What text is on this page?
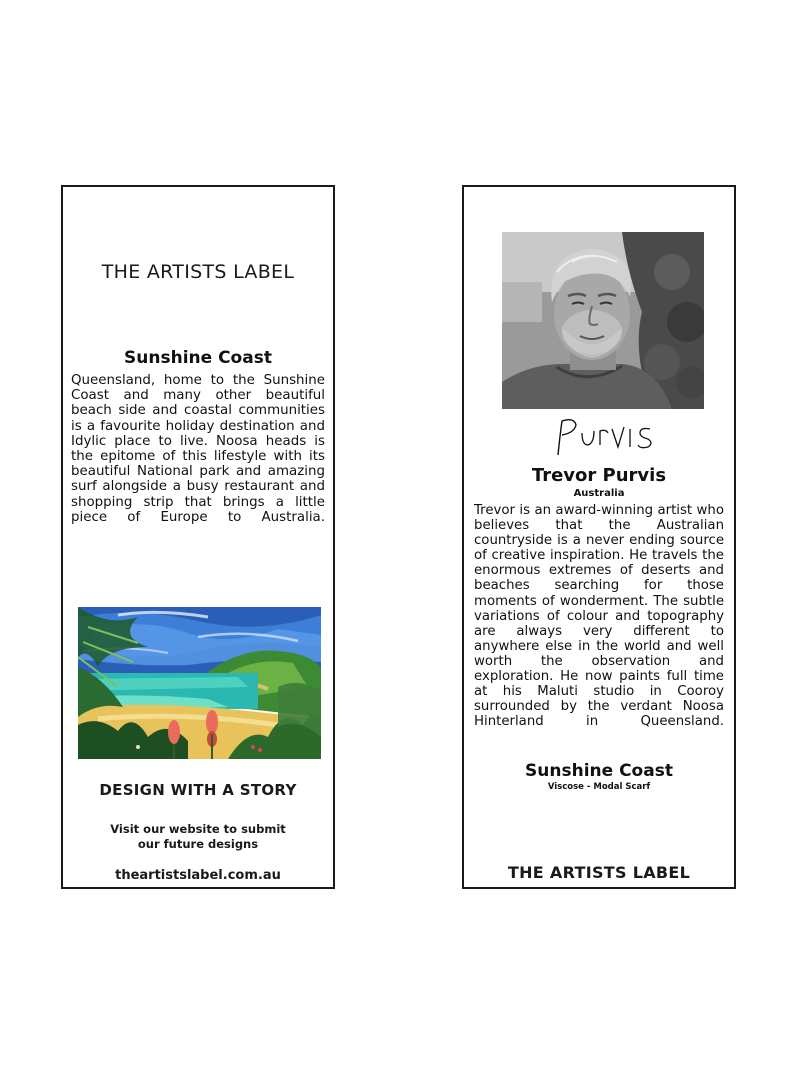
THE ARTISTS LABEL
Sunshine Coast
Queensland, home to the Sunshine Coast and many other beautiful beach side and coastal communities is a favourite holiday destination and Idylic place to live. Noosa heads is the epitome of this lifestyle with its beautiful National park and amazing surf alongside a busy restaurant and shopping strip that brings a little piece of Europe to Australia.
DESIGN WITH A STORY
Visit our website to submit
our future designs
theartistslabel.com.au
Trevor Purvis
Australia
Trevor is an award-winning artist who believes that the Australian countryside is a never ending source of creative inspiration. He travels the enormous extremes of deserts and beaches searching for those moments of wonderment. The subtle variations of colour and topography are always very different to anywhere else in the world and well worth the observation and exploration. He now paints full time at his Maluti studio in Cooroy surrounded by the verdant Noosa Hinterland in Queensland.
Sunshine Coast
Viscose - Modal Scarf
THE ARTISTS LABEL
